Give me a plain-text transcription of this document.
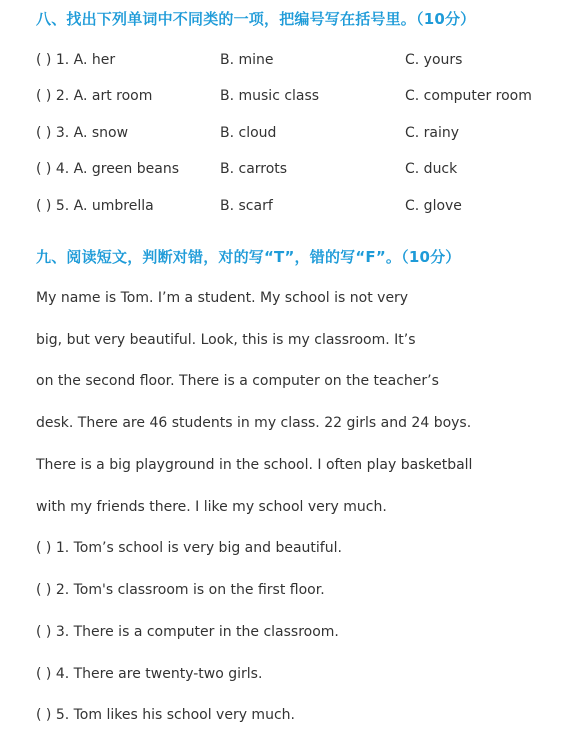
八、找出下列单词中不同类的一项，把编号写在括号里。（10分）
( ) 1. A. her	B. mine	C. yours
( ) 2. A. art room	B. music class	C. computer room
( ) 3. A. snow	B. cloud	C. rainy
( ) 4. A. green beans	B. carrots	C. duck
( ) 5. A. umbrella	B. scarf	C. glove
九、阅读短文，判断对错，对的写“T”，错的写“F”。（10分）
My name is Tom. I’m a student. My school is not very
big, but very beautiful. Look, this is my classroom. It’s
on the second floor. There is a computer on the teacher’s
desk. There are 46 students in my class. 22 girls and 24 boys.
There is a big playground in the school. I often play basketball
with my friends there. I like my school very much.
( ) 1. Tom’s school is very big and beautiful.
( ) 2. Tom's classroom is on the first floor.
( ) 3. There is a computer in the classroom.
( ) 4. There are twenty-two girls.
( ) 5. Tom likes his school very much.
